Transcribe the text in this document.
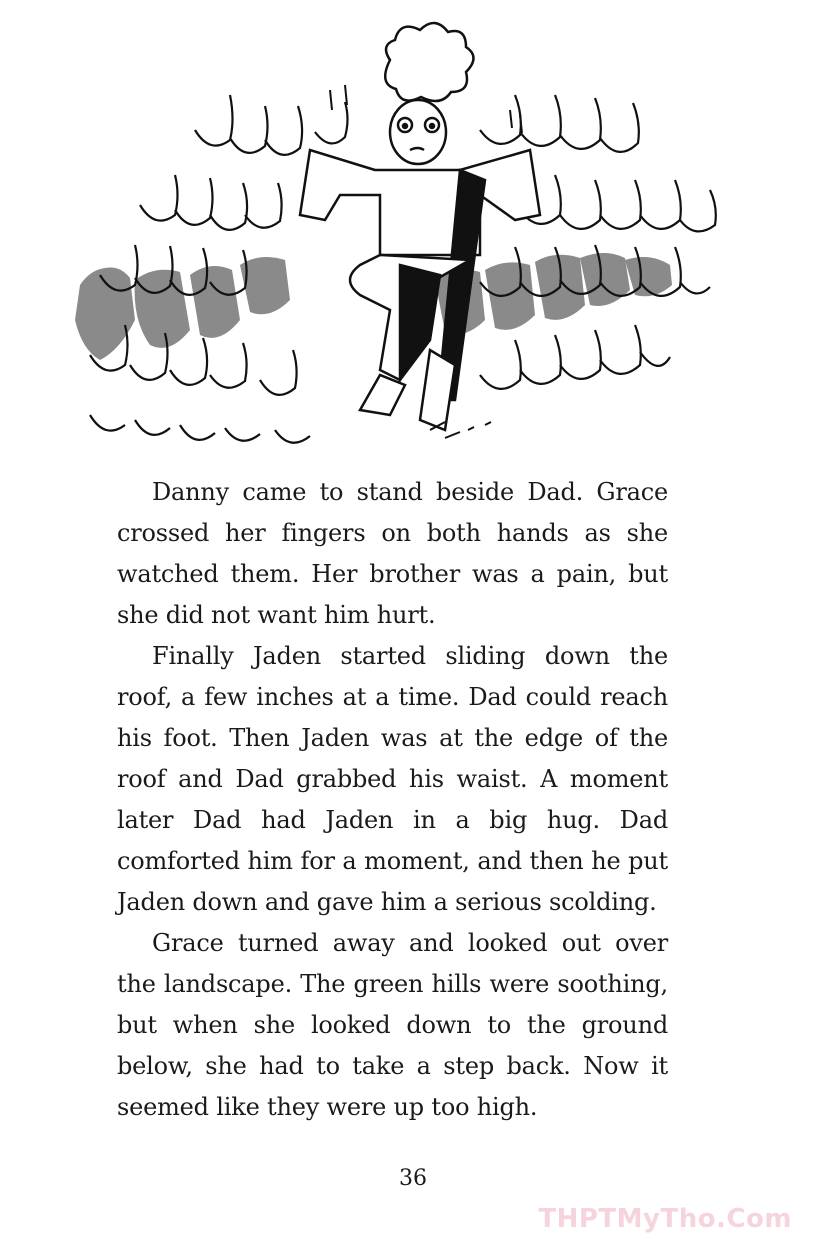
Danny came to stand beside Dad. Grace crossed her fingers on both hands as she watched them. Her brother was a pain, but she did not want him hurt.

Finally Jaden started sliding down the roof, a few inches at a time. Dad could reach his foot. Then Jaden was at the edge of the roof and Dad grabbed his waist. A moment later Dad had Jaden in a big hug. Dad comforted him for a moment, and then he put Jaden down and gave him a serious scolding.

Grace turned away and looked out over the landscape. The green hills were soothing, but when she looked down to the ground below, she had to take a step back. Now it seemed like they were up too high.

36
THPTMyTho.Com
